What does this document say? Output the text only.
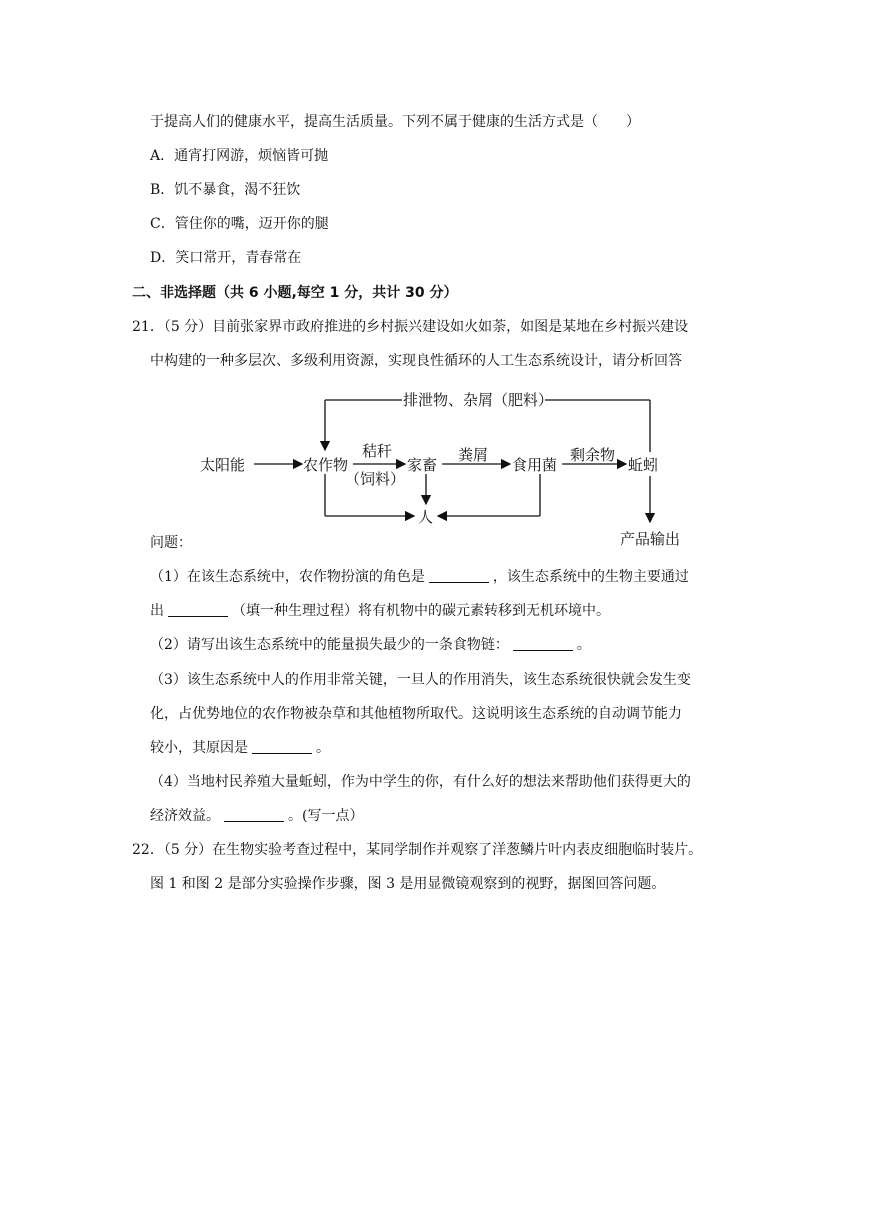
于提高人们的健康水平，提高生活质量。下列不属于健康的生活方式是（　　）
A．通宵打网游，烦恼皆可抛
B．饥不暴食，渴不狂饮
C．管住你的嘴，迈开你的腿
D．笑口常开，青春常在
二、非选择题（共 6 小题,每空 1 分，共计 30 分）
21．（5 分）目前张家界市政府推进的乡村振兴建设如火如荼，如图是某地在乡村振兴建设
中构建的一种多层次、多级利用资源，实现良性循环的人工生态系统设计，请分析回答
排泄物、杂屑（肥料）
太阳能	农作物
秸秆
（饲料）
家畜
粪屑
食用菌
剩余物
蚯蚓
人
产品输出
问题：
（1）在该生态系统中，农作物扮演的角色是	，该生态系统中的生物主要通过
出	（填一种生理过程）将有机物中的碳元素转移到无机环境中。
（2）请写出该生态系统中的能量损失最少的一条食物链：	。
（3）该生态系统中人的作用非常关键，一旦人的作用消失，该生态系统很快就会发生变
化，占优势地位的农作物被杂草和其他植物所取代。这说明该生态系统的自动调节能力
较小，其原因是	。
（4）当地村民养殖大量蚯蚓，作为中学生的你，有什么好的想法来帮助他们获得更大的
经济效益。	。(写一点）
22．（5 分）在生物实验考查过程中，某同学制作并观察了洋葱鳞片叶内表皮细胞临时装片。
图 1 和图 2 是部分实验操作步骤，图 3 是用显微镜观察到的视野，据图回答问题。
